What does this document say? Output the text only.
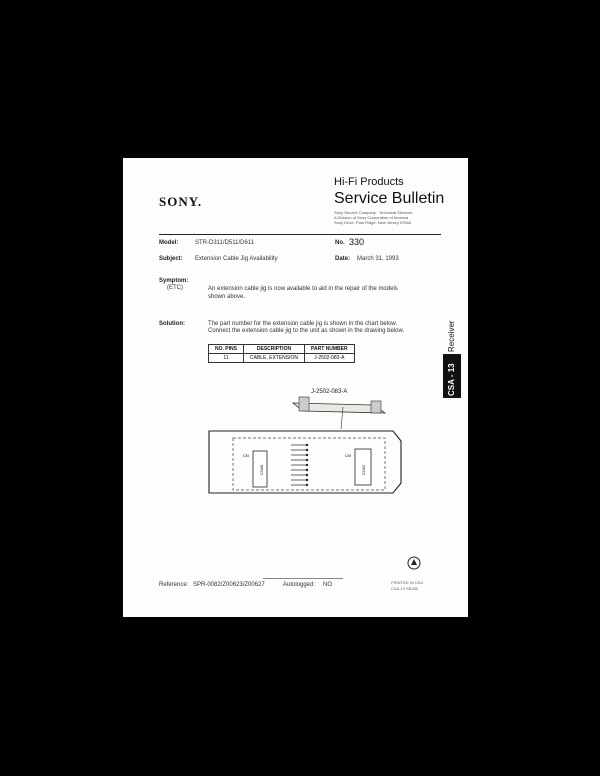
SONY.
Hi-Fi Products
Service Bulletin
Sony Service Company · Technical Services
A Division of Sony Corporation of America
Sony Drive, Park Ridge, New Jersey 07656
Model:	STR-D311/D511/D611	No. 330
Subject: Extension Cable Jig Availability	Date: March 31, 1993
Symptom:
(ETC)	An extension cable jig is now available to aid in the repair of the models shown above.
Solution:	The part number for the extension cable jig is shown in the chart below.
Connect the extension cable jig to the unit as shown in the drawing below.
NO. PINS	DESCRIPTION	PART NUMBER
11	CABLE, EXTENSION	J-2502-083-A
J-2502-083-A
CN00	CN02
CN	CN
Receiver
CSA - 13
Reference: SPR-0082/Z00623/Z00627	Autologged: NO	PRINTED IN USA
CSA-13 SB330
